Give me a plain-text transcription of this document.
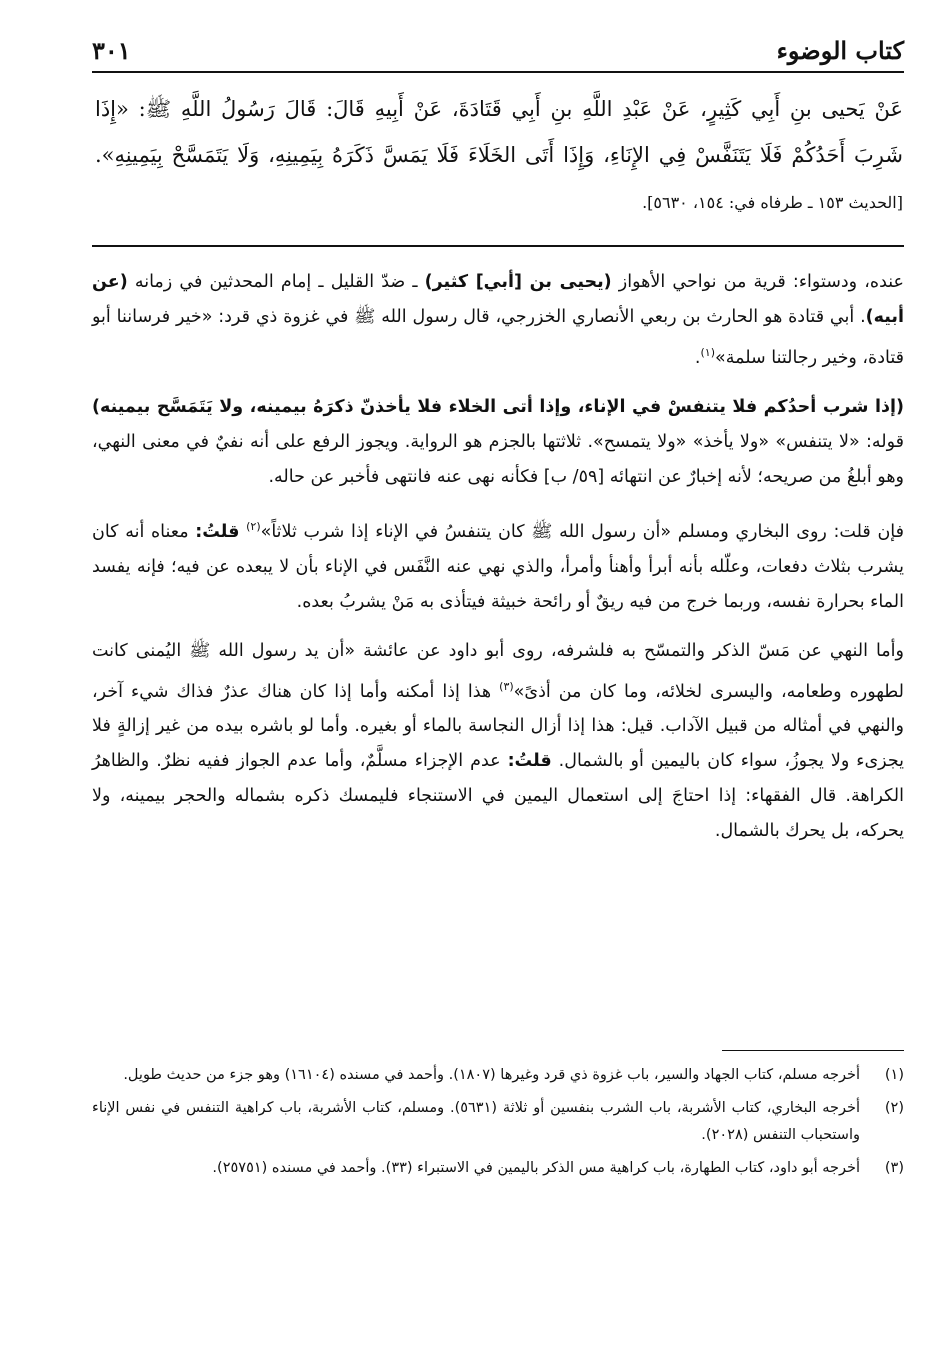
كتاب الوضوء
٣٠١
عَنْ يَحيى بنِ أَبِي كَثِيرٍ، عَنْ عَبْدِ اللَّهِ بنِ أَبِي قَتَادَةَ، عَنْ أَبِيهِ قَالَ: قَالَ رَسُولُ اللَّهِ ﷺ: «إِذَا شَرِبَ أَحَدُكُمْ فَلَا يَتَنَفَّسْ فِي الإِنَاءِ، وَإِذَا أَتَى الخَلَاءَ فَلَا يَمَسَّ ذَكَرَهُ بِيَمِينِهِ، وَلَا يَتَمَسَّحْ بِيَمِينِهِ». [الحديث ١٥٣ ـ طرفاه في: ١٥٤، ٥٦٣٠].

عنده، ودستواء: قرية من نواحي الأهواز (يحيى بن [أبي] كثير) ـ ضدّ القليل ـ إمام المحدثين في زمانه (عن أبيه). أبي قتادة هو الحارث بن ربعي الأنصاري الخزرجي، قال رسول الله ﷺ في غزوة ذي قرد: «خير فرساننا أبو قتادة، وخير رجالتنا سلمة»$^{(١)}$.

(إذا شرب أحدُكم فلا يتنفسْ في الإناء، وإذا أتى الخلاء فلا يأخذنّ ذكرَهُ بيمينه، ولا يَتَمَسَّح بيمينه) قوله: «لا يتنفس» «ولا يأخذ» «ولا يتمسح». ثلاثتها بالجزم هو الرواية. ويجوز الرفع على أنه نفيٌ في معنى النهي، وهو أبلغُ من صريحه؛ لأنه إخبارٌ عن انتهائه [٥٩/ ب] فكأنه نهى عنه فانتهى فأخبر عن حاله.

فإن قلت: روى البخاري ومسلم «أن رسول الله ﷺ كان يتنفسُ في الإناء إذا شرب ثلاثاً»$^{(٢)}$ قلتُ: معناه أنه كان يشرب بثلاث دفعات، وعلّله بأنه أبرأ وأهنأ وأمرأ، والذي نهي عنه النَّفَس في الإناء بأن لا يبعده عن فيه؛ فإنه يفسد الماء بحرارة نفسه، وربما خرج من فيه ريقٌ أو رائحة خبيثة فيتأذى به مَنْ يشربُ بعده.

وأما النهي عن مَسّ الذكر والتمسّح به فلشرفه، روى أبو داود عن عائشة «أن يد رسول الله ﷺ اليُمنى كانت لطهوره وطعامه، واليسرى لخلائه، وما كان من أذىً»$^{(٣)}$ هذا إذا أمكنه وأما إذا كان هناك عذرٌ فذاك شيء آخر، والنهي في أمثاله من قبيل الآداب. قيل: هذا إذا أزال النجاسة بالماء أو بغيره. وأما لو باشره بيده من غير إزالةٍ فلا يجزىء ولا يجوزُ، سواء كان باليمين أو بالشمال. قلتُ: عدم الإجزاء مسلَّمٌ، وأما عدم الجواز ففيه نظرٌ. والظاهرُ الكراهة. قال الفقهاء: إذا احتاجَ إلى استعمال اليمين في الاستنجاء فليمسك ذكره بشماله والحجر بيمينه، ولا يحركه، بل يحرك بالشمال.

(١)
أخرجه مسلم، كتاب الجهاد والسير، باب غزوة ذي قرد وغيرها (١٨٠٧). وأحمد في مسنده (١٦١٠٤) وهو جزء من حديث طويل.
(٢)
أخرجه البخاري، كتاب الأشربة، باب الشرب بنفسين أو ثلاثة (٥٦٣١). ومسلم، كتاب الأشربة، باب كراهية التنفس في نفس الإناء واستحباب التنفس (٢٠٢٨).
(٣)
أخرجه أبو داود، كتاب الطهارة، باب كراهية مس الذكر باليمين في الاستبراء (٣٣). وأحمد في مسنده (٢٥٧٥١).
